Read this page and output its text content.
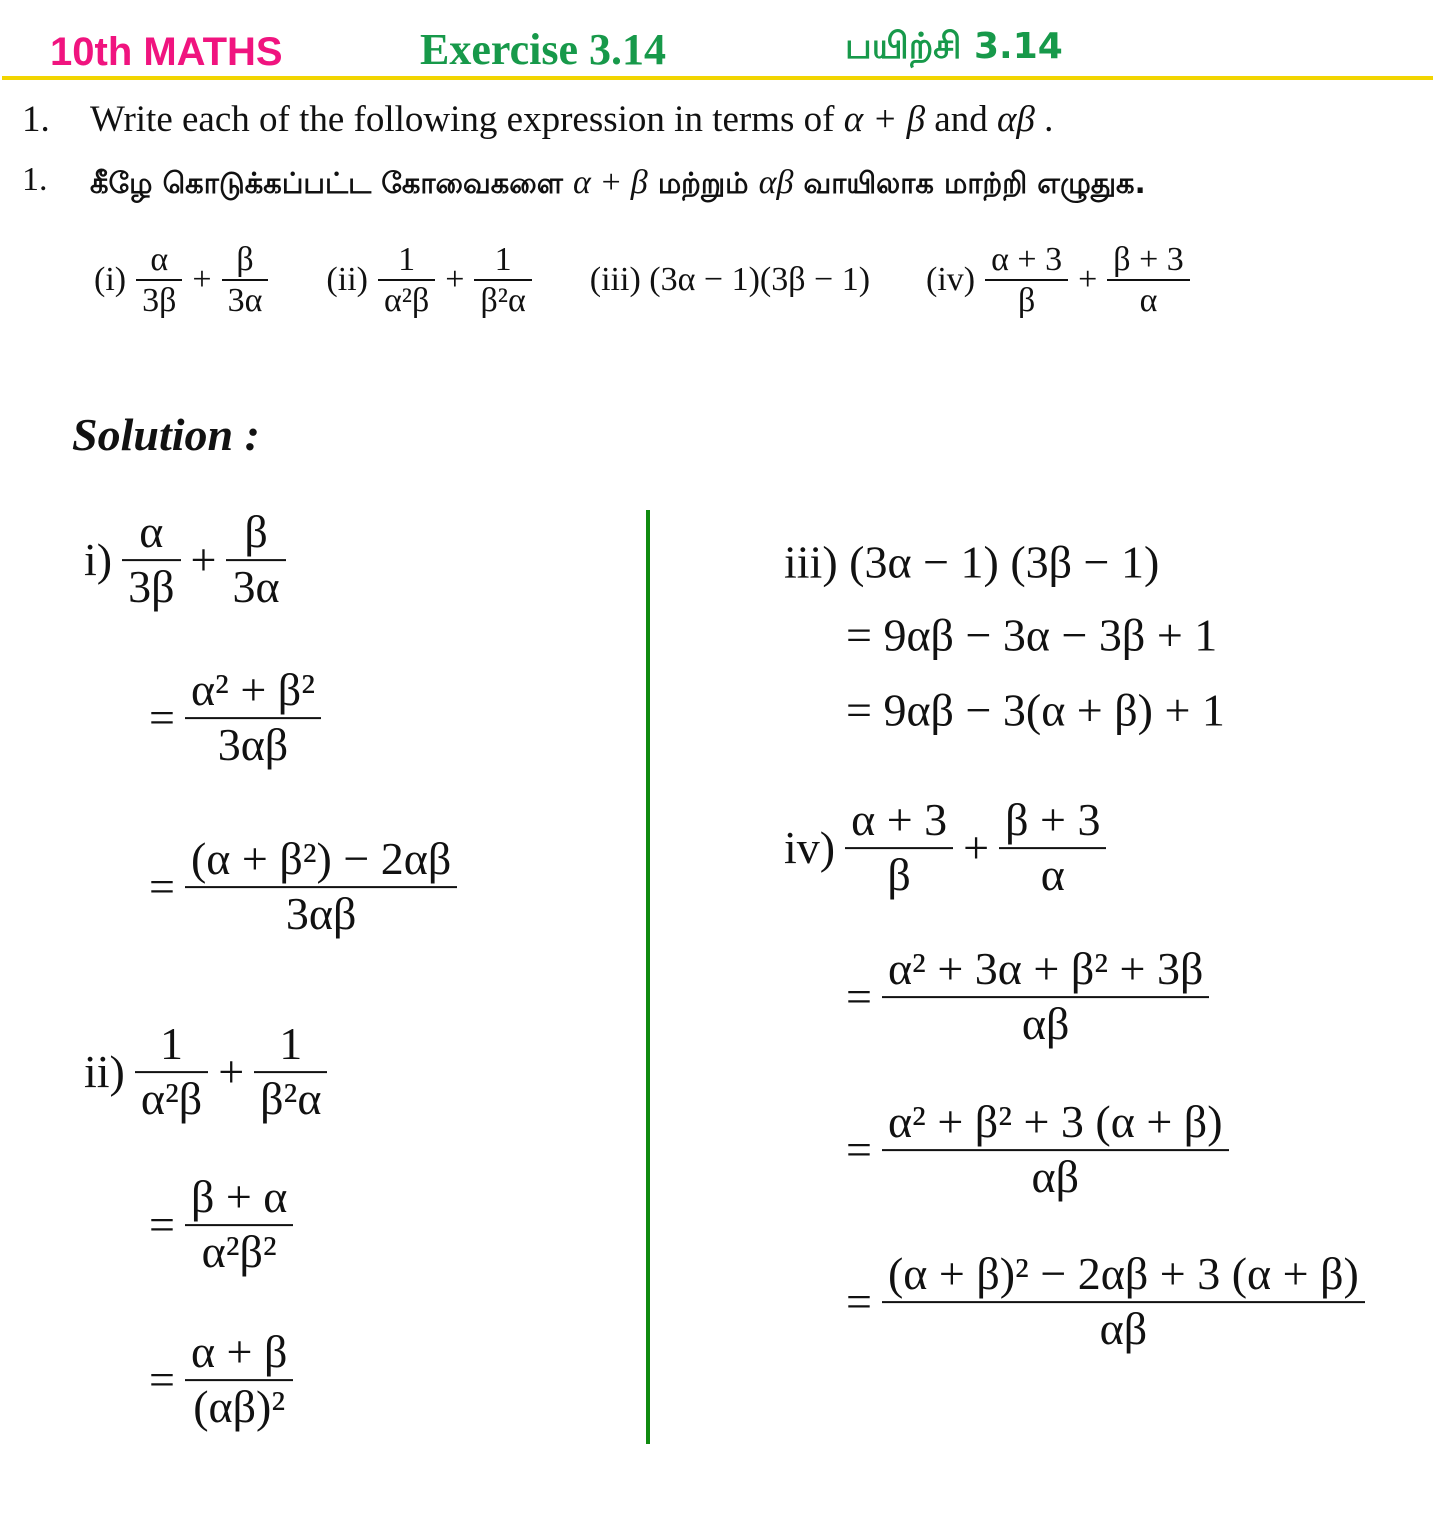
10th MATHS	Exercise 3.14	பயிற்சி 3.14
1. Write each of the following expression in terms of α + β and αβ .
1. கீழே கொடுக்கப்பட்ட கோவைகளை α + β மற்றும் αβ வாயிலாக மாற்றி எழுதுக.
$(i) \frac{\alpha}{3\beta} + \frac{\beta}{3\alpha} (ii) \frac{1}{\text{α²β}} + \frac{1}{\text{β²α}} (iii) (3\alpha - 1)(3\beta - 1)$ $(iv) \frac{\alpha + 3}{\beta} + \frac{\beta + 3}{\alpha}$
Solution :
$i) \frac{\alpha}{3\beta} + \frac{\beta}{3\alpha}$
= $\frac{\text{α² + β²}}{3\alpha\beta}$
= $\frac{\text{(α + β²) − 2αβ}}{3\alpha\beta}$
$ii) \frac{1}{\text{α²β}} + \frac{1}{\text{β²α}}$
= $\frac{\beta + \alpha}{\text{α²β²}}$
= $\frac{\alpha + \beta}{\text{(αβ)²}}$
iii) (3α − 1) (3β − 1)
= 9αβ − 3α − 3β + 1
= 9αβ − 3(α + β) + 1
$iv) \frac{\alpha + 3}{\beta} + \frac{\beta + 3}{\alpha}$
= $\frac{\text{α² + 3α + β² + 3β}}{\alpha\beta}$
= $\frac{\text{α² + β² + 3 (α + β)}}{\alpha\beta}$
= $\frac{\text{(α + β)² − 2αβ + 3 (α + β)}}{\alpha\beta}$
